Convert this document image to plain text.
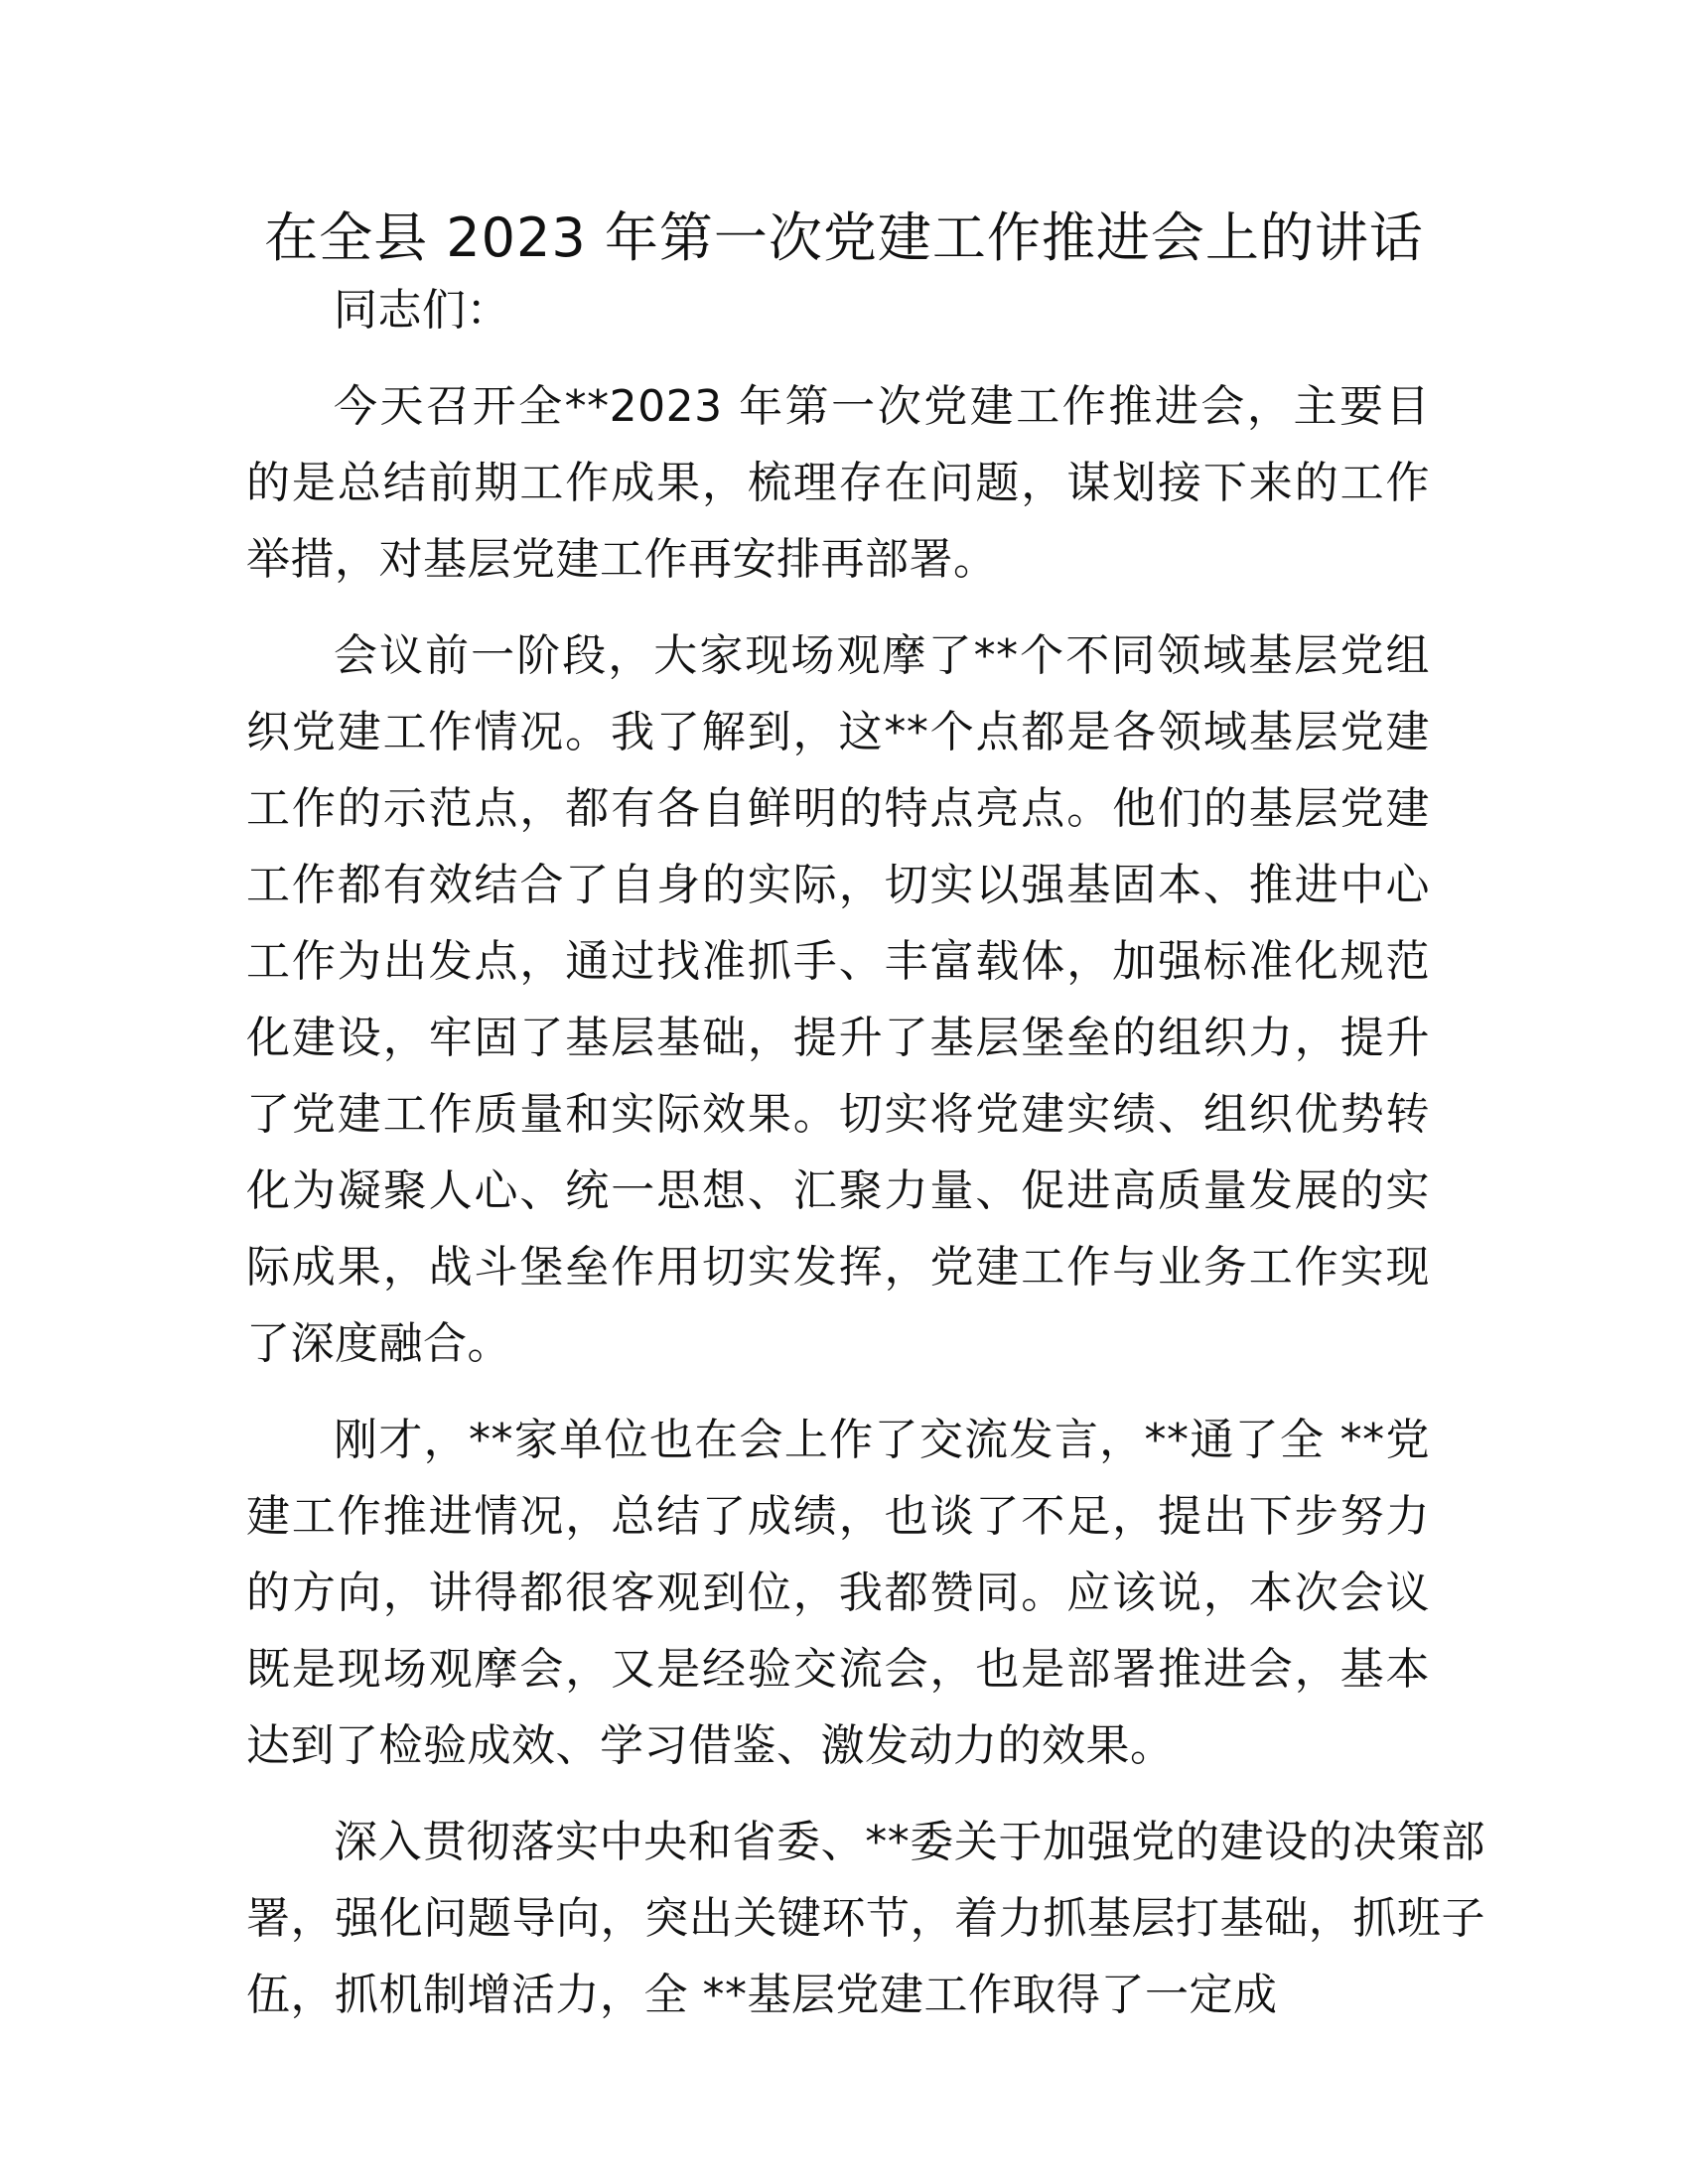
在全县 2023 年第一次党建工作推进会上的讲话

同志们：

今天召开全**2023 年第一次党建工作推进会，主要目的是总结前期工作成果，梳理存在问题，谋划接下来的工作举措，对基层党建工作再安排再部署。

会议前一阶段，大家现场观摩了**个不同领域基层党组织党建工作情况。我了解到，这**个点都是各领域基层党建工作的示范点，都有各自鲜明的特点亮点。他们的基层党建工作都有效结合了自身的实际，切实以强基固本、推进中心工作为出发点，通过找准抓手、丰富载体，加强标准化规范化建设，牢固了基层基础，提升了基层堡垒的组织力，提升了党建工作质量和实际效果。切实将党建实绩、组织优势转化为凝聚人心、统一思想、汇聚力量、促进高质量发展的实际成果，战斗堡垒作用切实发挥，党建工作与业务工作实现了深度融合。

刚才，**家单位也在会上作了交流发言，**通了全 **党建工作推进情况，总结了成绩，也谈了不足，提出下步努力的方向，讲得都很客观到位，我都赞同。应该说，本次会议既是现场观摩会，又是经验交流会，也是部署推进会，基本达到了检验成效、学习借鉴、激发动力的效果。

深入贯彻落实中央和省委、**委关于加强党的建设的决策部署，强化问题导向，突出关键环节，着力抓基层打基础，抓班子伍，抓机制增活力，全 **基层党建工作取得了一定成
